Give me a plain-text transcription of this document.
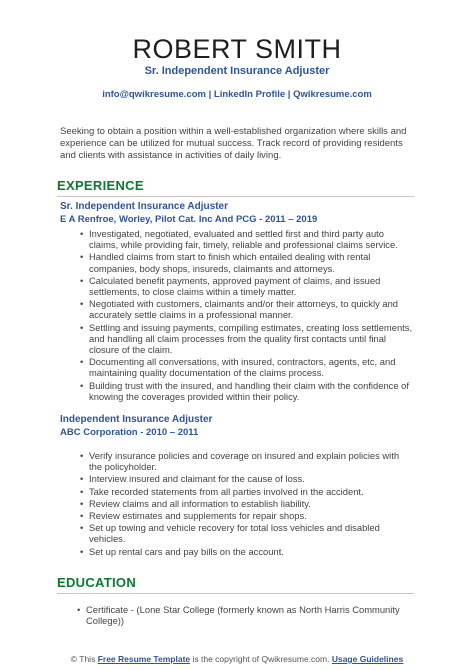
ROBERT SMITH
Sr. Independent Insurance Adjuster
info@qwikresume.com | LinkedIn Profile | Qwikresume.com
Seeking to obtain a position within a well-established organization where skills and experience can be utilized for mutual success. Track record of providing residents and clients with assistance in activities of daily living.
EXPERIENCE
Sr. Independent Insurance Adjuster
E A Renfroe, Worley, Pilot Cat. Inc And PCG - 2011 – 2019
• Investigated, negotiated, evaluated and settled first and third party auto claims, while providing fair, timely, reliable and professional claims service.
• Handled claims from start to finish which entailed dealing with rental companies, body shops, insureds, claimants and attorneys.
• Calculated benefit payments, approved payment of claims, and issued settlements, to close claims within a timely matter.
• Negotiated with customers, claimants and/or their attorneys, to quickly and accurately settle claims in a professional manner.
• Settling and issuing payments, compiling estimates, creating loss settlements, and handling all claim processes from the quality first contacts until final closure of the claim.
• Documenting all conversations, with insured, contractors, agents, etc, and maintaining quality documentation of the claims process.
• Building trust with the insured, and handling their claim with the confidence of knowing the coverages provided within their policy.
Independent Insurance Adjuster
ABC Corporation - 2010 – 2011
• Verify insurance policies and coverage on insured and explain policies with the policyholder.
• Interview insured and claimant for the cause of loss.
• Take recorded statements from all parties involved in the accident.
• Review claims and all information to establish liability.
• Review estimates and supplements for repair shops.
• Set up towing and vehicle recovery for total loss vehicles and disabled vehicles.
• Set up rental cars and pay bills on the account.
EDUCATION
• Certificate - (Lone Star College (formerly known as North Harris Community College))
© This Free Resume Template is the copyright of Qwikresume.com. Usage Guidelines
